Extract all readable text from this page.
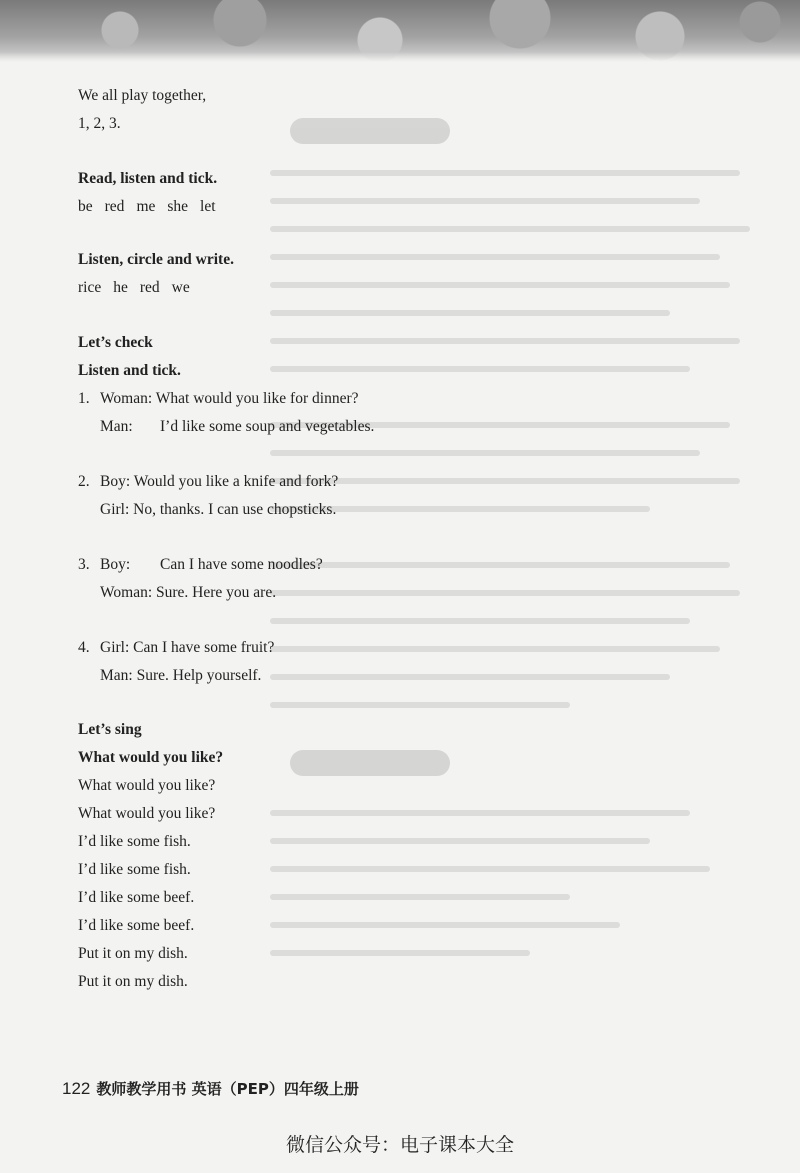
We all play together,
1, 2, 3.
Read, listen and tick.
be red me she let
Listen, circle and write.
rice he red we
Let’s check
Listen and tick.
1. Woman: What would you like for dinner?
Man: I’d like some soup and vegetables.
2. Boy: Would you like a knife and fork?
Girl: No, thanks. I can use chopsticks.
3. Boy: Can I have some noodles?
Woman: Sure. Here you are.
4. Girl: Can I have some fruit?
Man: Sure. Help yourself.
Let’s sing
What would you like?
What would you like?
What would you like?
I’d like some fish.
I’d like some fish.
I’d like some beef.
I’d like some beef.
Put it on my dish.
Put it on my dish.
122 教师教学用书 英语（PEP）四年级上册
微信公众号：电子课本大全
